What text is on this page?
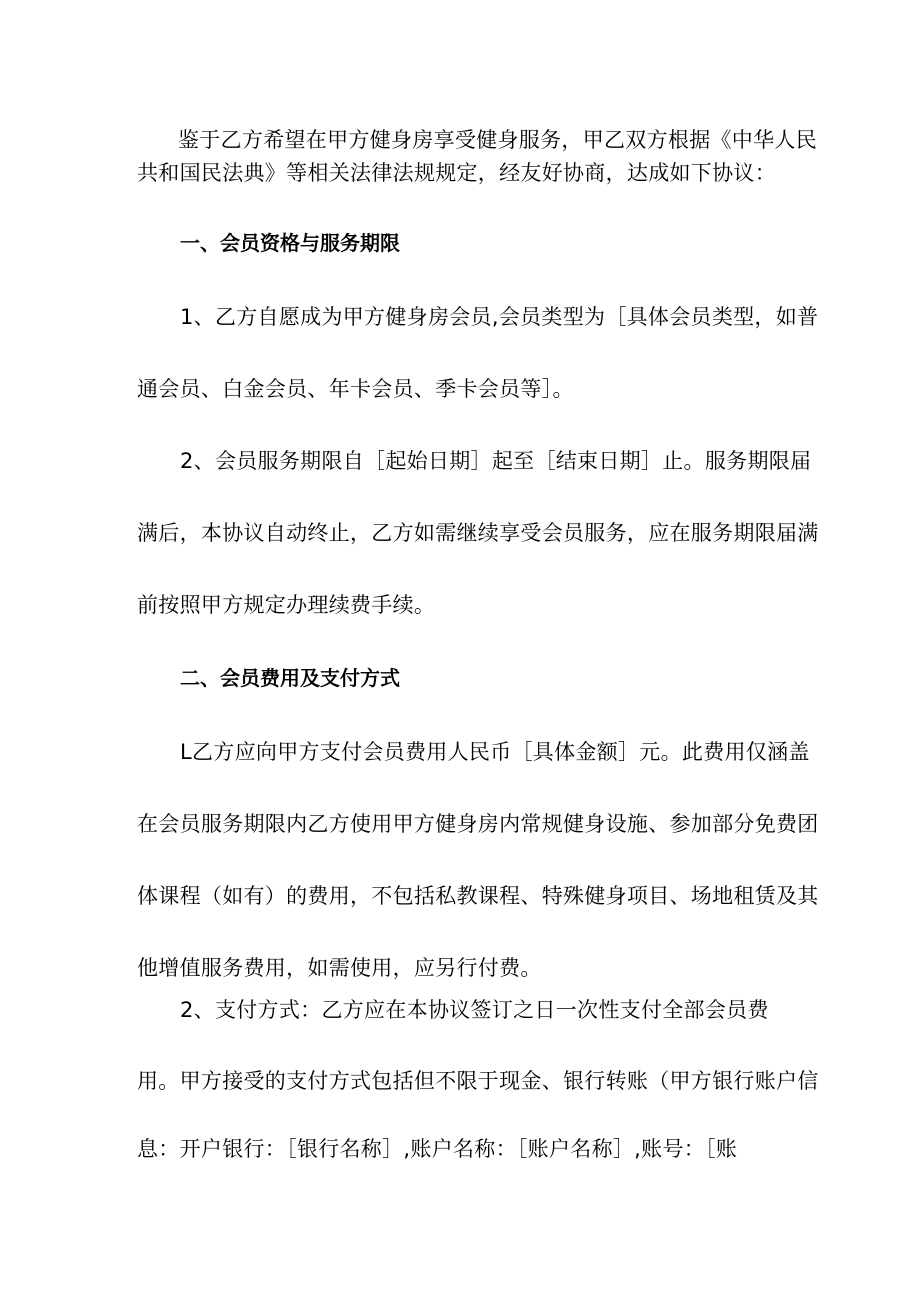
鉴于乙方希望在甲方健身房享受健身服务，甲乙双方根据《中华人民
共和国民法典》等相关法律法规规定，经友好协商，达成如下协议：
一、会员资格与服务期限
1、乙方自愿成为甲方健身房会员,会员类型为［具体会员类型，如普
通会员、白金会员、年卡会员、季卡会员等］。
2、会员服务期限自［起始日期］起至［结束日期］止。服务期限届
满后，本协议自动终止，乙方如需继续享受会员服务，应在服务期限届满
前按照甲方规定办理续费手续。
二、会员费用及支付方式
L乙方应向甲方支付会员费用人民币［具体金额］元。此费用仅涵盖
在会员服务期限内乙方使用甲方健身房内常规健身设施、参加部分免费团
体课程（如有）的费用，不包括私教课程、特殊健身项目、场地租赁及其
他增值服务费用，如需使用，应另行付费。
2、支付方式：乙方应在本协议签订之日一次性支付全部会员费
用。甲方接受的支付方式包括但不限于现金、银行转账（甲方银行账户信
息：开户银行：［银行名称］,账户名称：［账户名称］,账号：［账
